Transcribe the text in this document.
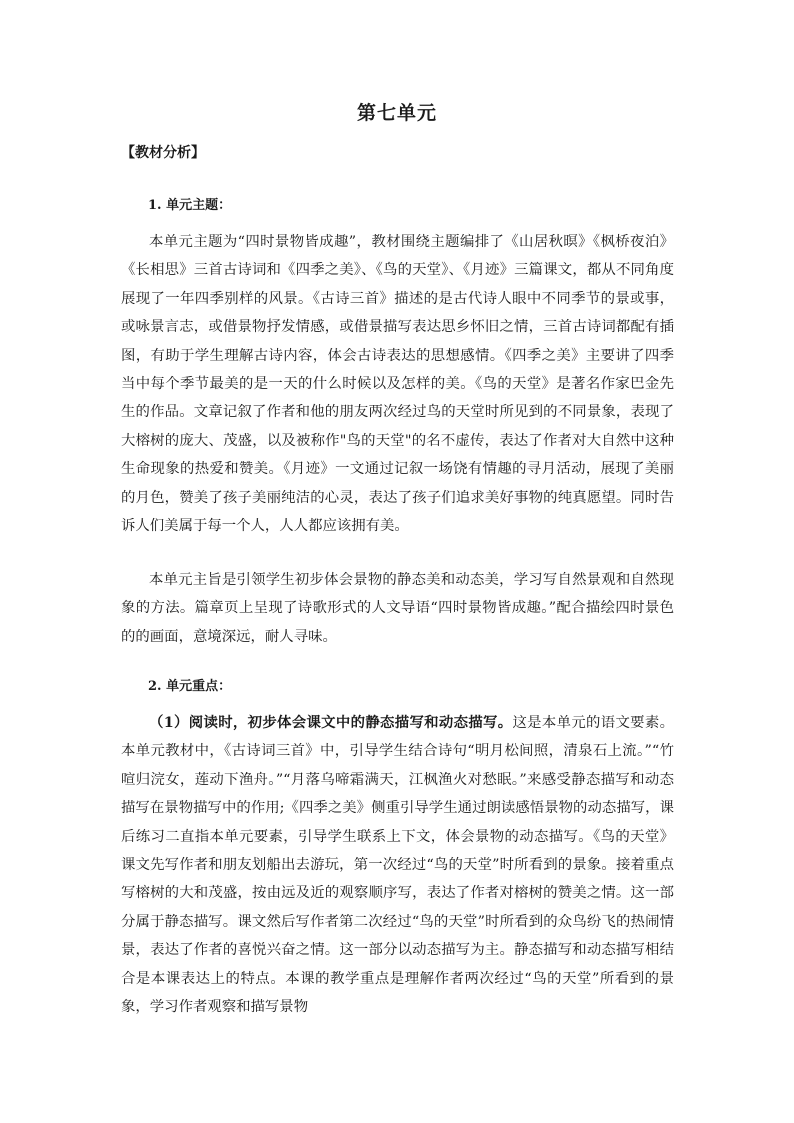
第七单元
【教材分析】
1. 单元主题：

本单元主题为“四时景物皆成趣”，教材围绕主题编排了《山居秋暝》《枫桥夜泊》《长相思》三首古诗词和《四季之美》、《鸟的天堂》、《月迹》三篇课文，都从不同角度展现了一年四季别样的风景。《古诗三首》描述的是古代诗人眼中不同季节的景或事，或咏景言志，或借景物抒发情感，或借景描写表达思乡怀旧之情，三首古诗词都配有插图，有助于学生理解古诗内容，体会古诗表达的思想感情。《四季之美》主要讲了四季当中每个季节最美的是一天的什么时候以及怎样的美。《鸟的天堂》是著名作家巴金先生的作品。文章记叙了作者和他的朋友两次经过鸟的天堂时所见到的不同景象，表现了大榕树的庞大、茂盛，以及被称作"鸟的天堂"的名不虚传，表达了作者对大自然中这种生命现象的热爱和赞美。《月迹》一文通过记叙一场饶有情趣的寻月活动，展现了美丽的月色，赞美了孩子美丽纯洁的心灵，表达了孩子们追求美好事物的纯真愿望。同时告诉人们美属于每一个人，人人都应该拥有美。

本单元主旨是引领学生初步体会景物的静态美和动态美，学习写自然景观和自然现象的方法。篇章页上呈现了诗歌形式的人文导语“四时景物皆成趣。”配合描绘四时景色的的画面，意境深远，耐人寻味。

2. 单元重点：

（1）阅读时，初步体会课文中的静态描写和动态描写。这是本单元的语文要素。本单元教材中，《古诗词三首》中，引导学生结合诗句“明月松间照，清泉石上流。”“竹喧归浣女，莲动下渔舟。”“月落乌啼霜满天，江枫渔火对愁眠。”来感受静态描写和动态描写在景物描写中的作用;《四季之美》侧重引导学生通过朗读感悟景物的动态描写，课后练习二直指本单元要素，引导学生联系上下文，体会景物的动态描写。《鸟的天堂》课文先写作者和朋友划船出去游玩，第一次经过“鸟的天堂”时所看到的景象。接着重点写榕树的大和茂盛，按由远及近的观察顺序写，表达了作者对榕树的赞美之情。这一部分属于静态描写。课文然后写作者第二次经过“鸟的天堂”时所看到的众鸟纷飞的热闹情景，表达了作者的喜悦兴奋之情。这一部分以动态描写为主。静态描写和动态描写相结合是本课表达上的特点。本课的教学重点是理解作者两次经过“鸟的天堂”所看到的景象，学习作者观察和描写景物
